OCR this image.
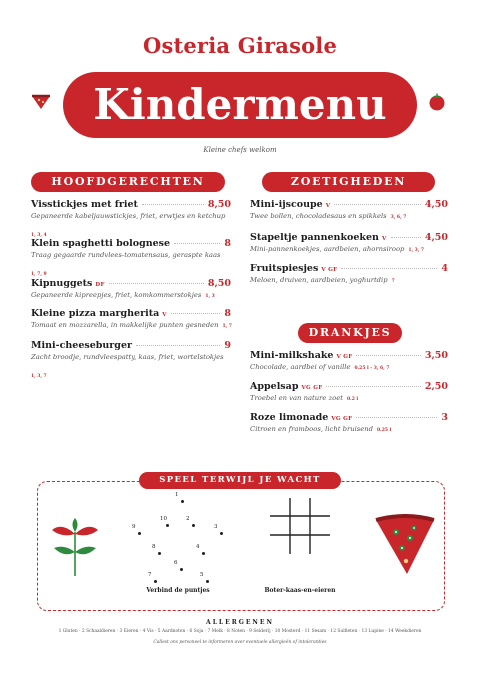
Osteria Girasole
Kindermenu
Kleine chefs welkom
HOOFDGERECHTEN	ZOETIGHEDEN
DRANKJES
Visstickjes met friet	8,50
Gepaneerde kabeljauwstickjes, friet, erwtjes en ketchup
1, 3, 4
Klein spaghetti bolognese	8
Traag gegaarde rundvlees-tomatensaus, geraspte kaas
1, 7, 9
Kipnuggets DF	8,50
Gepaneerde kipreepjes, friet, komkommerstokjes 1, 3
Kleine pizza margherita V	8
Tomaat en mozzarella, in makkelijke punten gesneden 1, 7
Mini-cheeseburger	9
Zacht broodje, rundvleespatty, kaas, friet, wortelstokjes
1, 3, 7
Mini-ijscoupe V	4,50
Twee bollen, chocoladesaus en spikkels 3, 6, 7
Stapeltje pannenkoeken V	4,50
Mini-pannenkoekjes, aardbeien, ahornsiroop 1, 3, 7
Fruitspiesjes V GF	4
Meloen, druiven, aardbeien, yoghurtdip 7
Mini-milkshake V GF	3,50
Chocolade, aardbei of vanille 0.25 l - 3, 6, 7
Appelsap VG GF	2,50
Troebel en van nature zoet 0.2 l
Roze limonade VG GF	3
Citroen en framboos, licht bruisend 0.25 l
SPEEL TERWIJL JE WACHT
1
2
3
4
5
6
7
8
9
10
Verbind de puntjes	Boter-kaas-en-eieren
ALLERGENEN
1 Gluten · 2 Schaaldieren · 3 Eieren · 4 Vis · 5 Aardnoten · 6 Soja · 7 Melk · 8 Noten · 9 Selderij · 10 Mosterd · 11 Sesam · 12 Sulfieten · 13 Lupine · 14 Weekdieren
Callest ons personeel te informeren over eventuele allergieën of intoleranties
